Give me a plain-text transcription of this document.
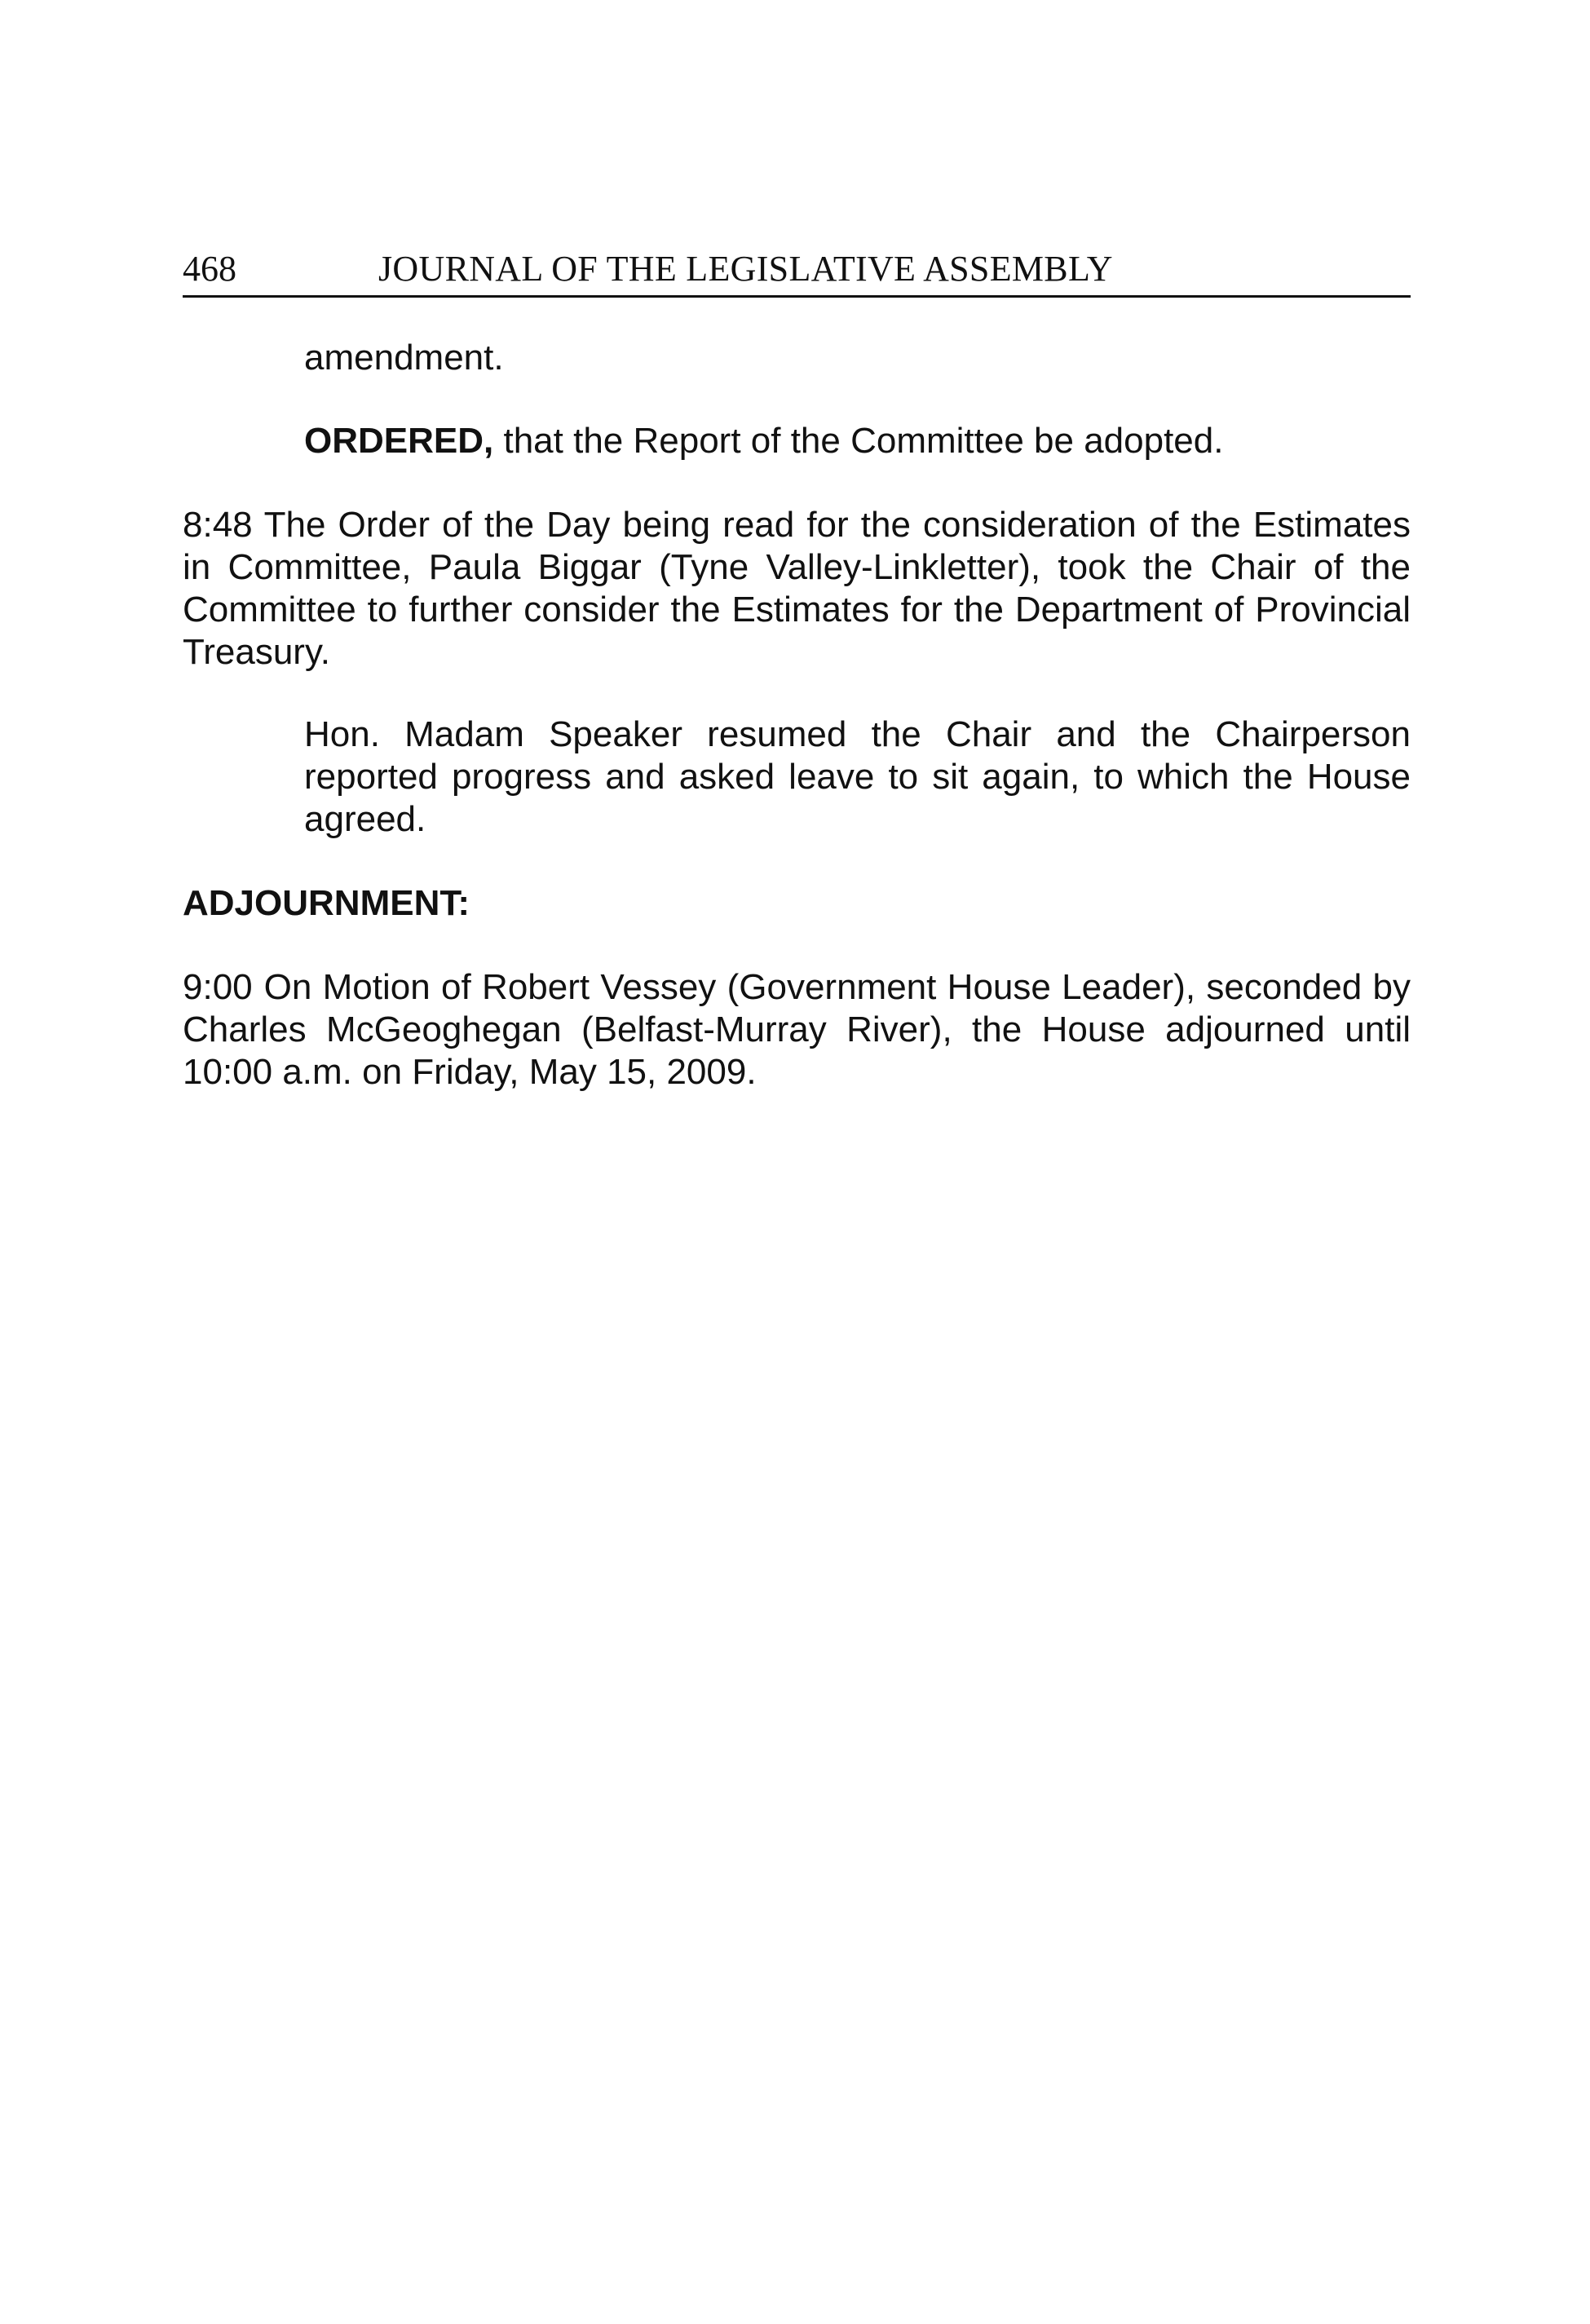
468	JOURNAL OF THE LEGISLATIVE ASSEMBLY

amendment.

ORDERED, that the Report of the Committee be adopted.

8:48 The Order of the Day being read for the consideration of the Estimates in Committee, Paula Biggar (Tyne Valley-Linkletter), took the Chair of the Committee to further consider the Estimates for the Department of Provincial Treasury.

Hon. Madam Speaker resumed the Chair and the Chairperson reported progress and asked leave to sit again, to which the House agreed.

ADJOURNMENT:

9:00 On Motion of Robert Vessey (Government House Leader), seconded by Charles McGeoghegan (Belfast-Murray River), the House adjourned until 10:00 a.m. on Friday, May 15, 2009.
